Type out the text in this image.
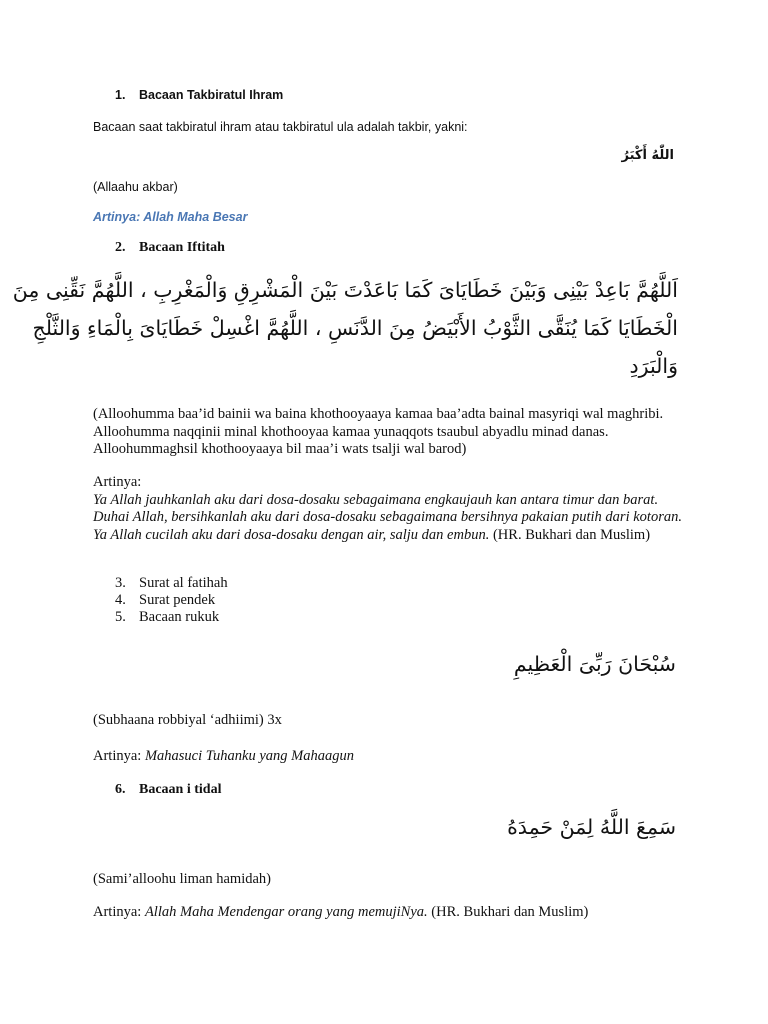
1. Bacaan Takbiratul Ihram

Bacaan saat takbiratul ihram atau takbiratul ula adalah takbir, yakni:

اللّٰهُ أَكْبَرُ

(Allaahu akbar)

Artinya: Allah Maha Besar

2. Bacaan Iftitah
اَللَّهُمَّ بَاعِدْ بَيْنِى وَبَيْنَ خَطَايَاىَ كَمَا بَاعَدْتَ بَيْنَ الْمَشْرِقِ وَالْمَغْرِبِ ، اللَّهُمَّ نَقِّنِى مِنَ
الْخَطَايَا كَمَا يُنَقَّى الثَّوْبُ الأَبْيَضُ مِنَ الدَّنَسِ ، اللَّهُمَّ اغْسِلْ خَطَايَاىَ بِالْمَاءِ وَالثَّلْجِ
وَالْبَرَدِ

(Alloohumma baa’id bainii wa baina khothooyaaya kamaa baa’adta bainal masyriqi wal maghribi. Alloohumma naqqinii minal khothooyaa kamaa yunaqqots tsaubul abyadlu minad danas. Alloohummaghsil khothooyaaya bil maa’i wats tsalji wal barod)

Artinya:
Ya Allah jauhkanlah aku dari dosa-dosaku sebagaimana engkaujauh kan antara timur dan barat. Duhai Allah, bersihkanlah aku dari dosa-dosaku sebagaimana bersihnya pakaian putih dari kotoran. Ya Allah cucilah aku dari dosa-dosaku dengan air, salju dan embun. (HR. Bukhari dan Muslim)
3. Surat al fatihah
4. Surat pendek
5. Bacaan rukuk
سُبْحَانَ رَبِّىَ الْعَظِيمِ

(Subhaana robbiyal ‘adhiimi) 3x

Artinya: Mahasuci Tuhanku yang Mahaagun

6. Bacaan i tidal
سَمِعَ اللَّهُ لِمَنْ حَمِدَهُ

(Sami’alloohu liman hamidah)

Artinya: Allah Maha Mendengar orang yang memujiNya. (HR. Bukhari dan Muslim)
